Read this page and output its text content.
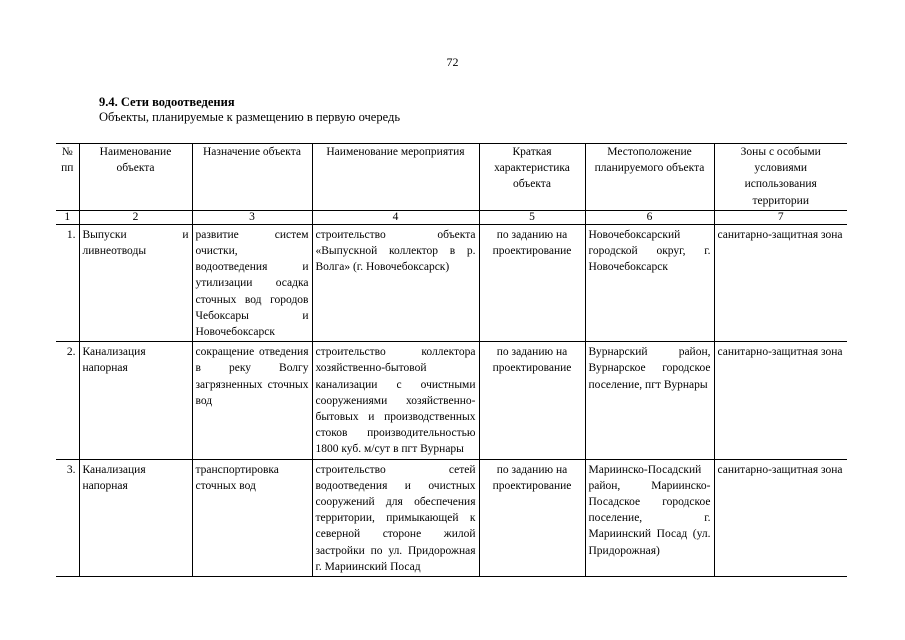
72
9.4. Сети водоотведения
Объекты, планируемые к размещению в первую очередь
№ пп	Наименование объекта	Назначение объекта	Наименование мероприятия	Краткая характеристика объекта	Местоположение планируемого объекта	Зоны с особыми условиями использования территории
1	2	3	4	5	6	7
1.	Выпуски и ливнеотводы	развитие систем очистки, водоотведения и утилизации осадка сточных вод городов Чебоксары и Новочебоксарск	строительство объекта «Выпускной коллектор в р. Волга» (г. Новочебоксарск)	по заданию на проектирование	Новочебоксарский городской округ, г. Новочебоксарск	санитарно-защитная зона
2.	Канализация напорная	сокращение отведения в реку Волгу загрязненных сточных вод	строительство коллектора хозяйственно-бытовой канализации с очистными сооружениями хозяйственно-бытовых и производственных стоков производительностью 1800 куб. м/сут в пгт Вурнары	по заданию на проектирование	Вурнарский район, Вурнарское городское поселение, пгт Вурнары	санитарно-защитная зона
3.	Канализация напорная	транспортировка сточных вод	строительство сетей водоотведения и очистных сооружений для обеспечения территории, примыкающей к северной стороне жилой застройки по ул. Придорожная г. Мариинский Посад	по заданию на проектирование	Мариинско-Посадский район, Мариинско-Посадское городское поселение, г. Мариинский Посад (ул. Придорожная)	санитарно-защитная зона
